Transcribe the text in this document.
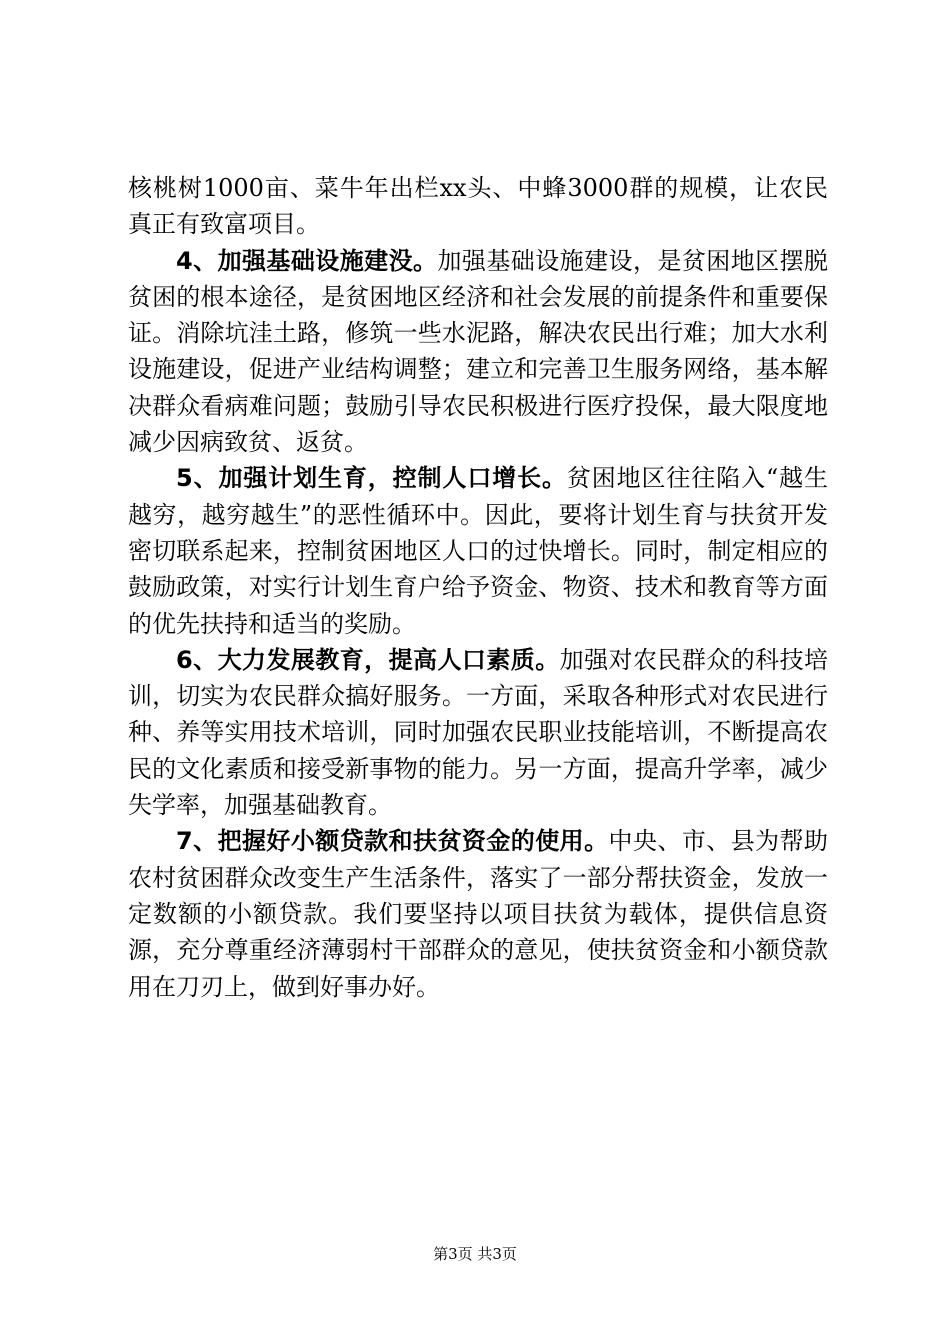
核桃树1000亩、菜牛年出栏xx头、中蜂3000群的规模，让农民真正有致富项目。

4、加强基础设施建没。加强基础设施建设，是贫困地区摆脱贫困的根本途径，是贫困地区经济和社会发展的前提条件和重要保证。消除坑洼土路，修筑一些水泥路，解决农民出行难；加大水利设施建设，促进产业结构调整；建立和完善卫生服务网络，基本解决群众看病难问题；鼓励引导农民积极进行医疗投保，最大限度地减少因病致贫、返贫。

5、加强计划生育，控制人口增长。贫困地区往往陷入“越生越穷，越穷越生”的恶性循环中。因此，要将计划生育与扶贫开发密切联系起来，控制贫困地区人口的过快增长。同时，制定相应的鼓励政策，对实行计划生育户给予资金、物资、技术和教育等方面的优先扶持和适当的奖励。

6、大力发展教育，提高人口素质。加强对农民群众的科技培训，切实为农民群众搞好服务。一方面，采取各种形式对农民进行种、养等实用技术培训，同时加强农民职业技能培训，不断提高农民的文化素质和接受新事物的能力。另一方面，提高升学率，减少失学率，加强基础教育。

7、把握好小额贷款和扶贫资金的使用。中央、市、县为帮助农村贫困群众改变生产生活条件，落实了一部分帮扶资金，发放一定数额的小额贷款。我们要坚持以项目扶贫为载体，提供信息资源，充分尊重经济薄弱村干部群众的意见，使扶贫资金和小额贷款用在刀刃上，做到好事办好。

第3页 共3页
